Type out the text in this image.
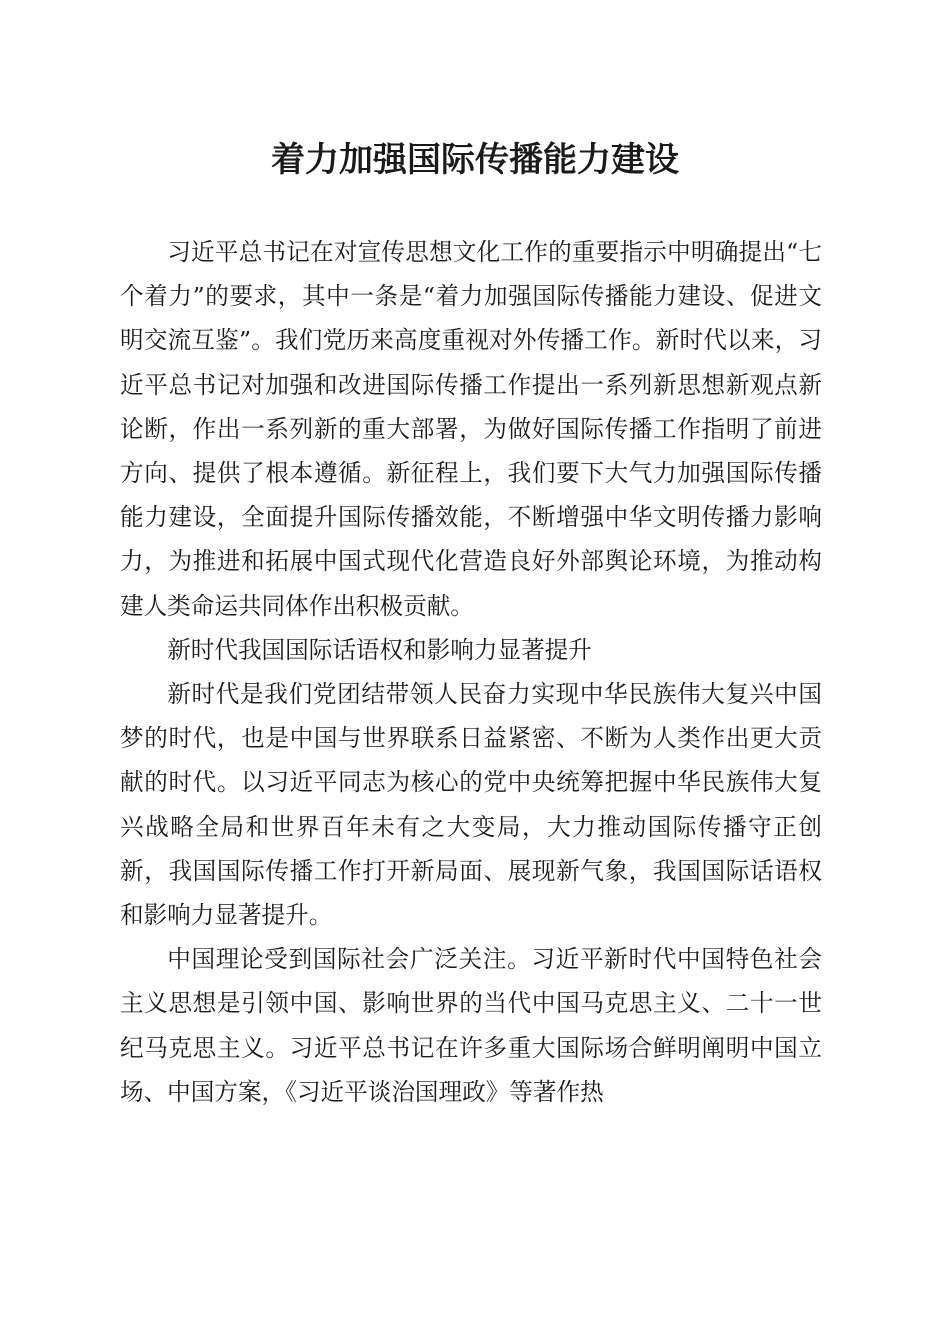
着力加强国际传播能力建设

习近平总书记在对宣传思想文化工作的重要指示中明确提出“七个着力”的要求，其中一条是“着力加强国际传播能力建设、促进文明交流互鉴”。我们党历来高度重视对外传播工作。新时代以来，习近平总书记对加强和改进国际传播工作提出一系列新思想新观点新论断，作出一系列新的重大部署，为做好国际传播工作指明了前进方向、提供了根本遵循。新征程上，我们要下大气力加强国际传播能力建设，全面提升国际传播效能，不断增强中华文明传播力影响力，为推进和拓展中国式现代化营造良好外部舆论环境，为推动构建人类命运共同体作出积极贡献。

新时代我国国际话语权和影响力显著提升

新时代是我们党团结带领人民奋力实现中华民族伟大复兴中国梦的时代，也是中国与世界联系日益紧密、不断为人类作出更大贡献的时代。以习近平同志为核心的党中央统筹把握中华民族伟大复兴战略全局和世界百年未有之大变局，大力推动国际传播守正创新，我国国际传播工作打开新局面、展现新气象，我国国际话语权和影响力显著提升。

中国理论受到国际社会广泛关注。习近平新时代中国特色社会主义思想是引领中国、影响世界的当代中国马克思主义、二十一世纪马克思主义。习近平总书记在许多重大国际场合鲜明阐明中国立场、中国方案，《习近平谈治国理政》等著作热
